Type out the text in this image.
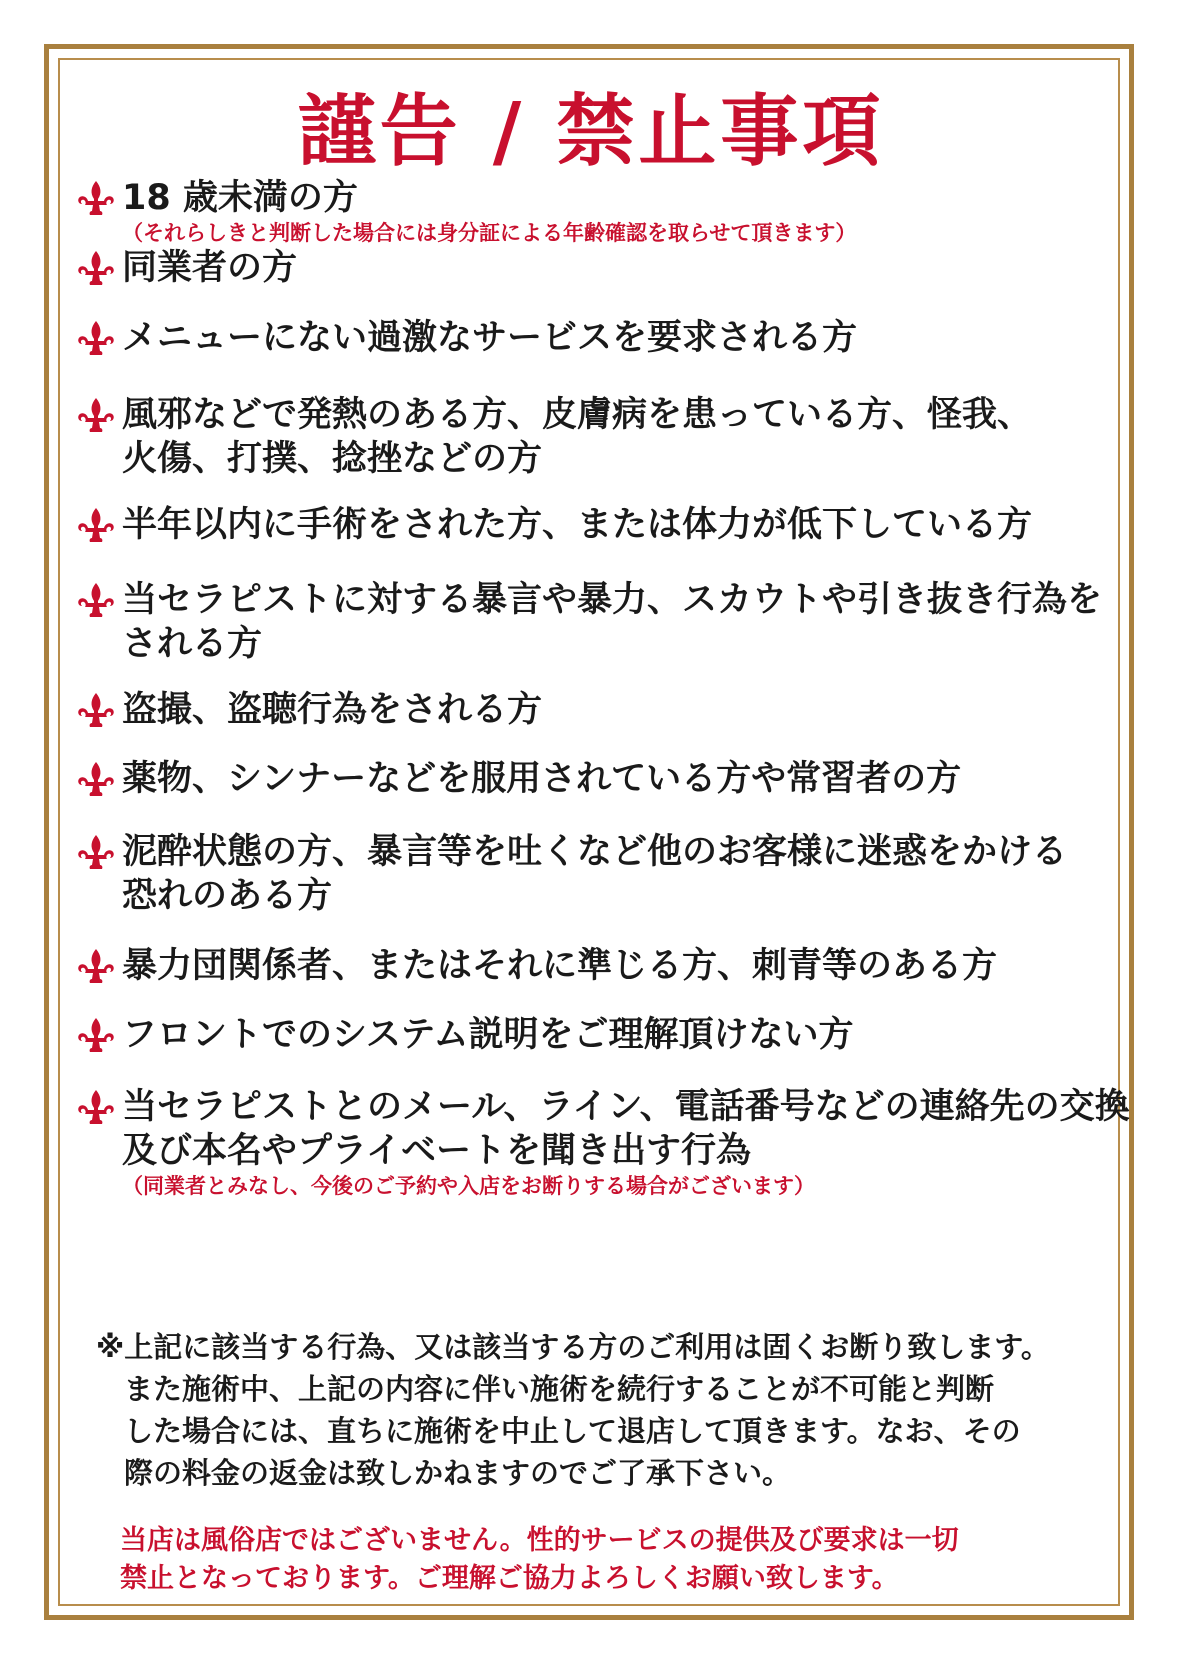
謹告 / 禁止事項
18 歳未満の方
（それらしきと判断した場合には身分証による年齢確認を取らせて頂きます）
同業者の方
メニューにない過激なサービスを要求される方
風邪などで発熱のある方、皮膚病を患っている方、怪我、
火傷、打撲、捻挫などの方
半年以内に手術をされた方、または体力が低下している方
当セラピストに対する暴言や暴力、スカウトや引き抜き行為を
される方
盗撮、盗聴行為をされる方
薬物、シンナーなどを服用されている方や常習者の方
泥酔状態の方、暴言等を吐くなど他のお客様に迷惑をかける
恐れのある方
暴力団関係者、またはそれに準じる方、刺青等のある方
フロントでのシステム説明をご理解頂けない方
当セラピストとのメール、ライン、電話番号などの連絡先の交換
及び本名やプライベートを聞き出す行為
（同業者とみなし、今後のご予約や入店をお断りする場合がございます）
※上記に該当する行為、又は該当する方のご利用は固くお断り致します。
また施術中、上記の内容に伴い施術を続行することが不可能と判断
した場合には、直ちに施術を中止して退店して頂きます。なお、その
際の料金の返金は致しかねますのでご了承下さい。
当店は風俗店ではございません。性的サービスの提供及び要求は一切
禁止となっております。ご理解ご協力よろしくお願い致します。
